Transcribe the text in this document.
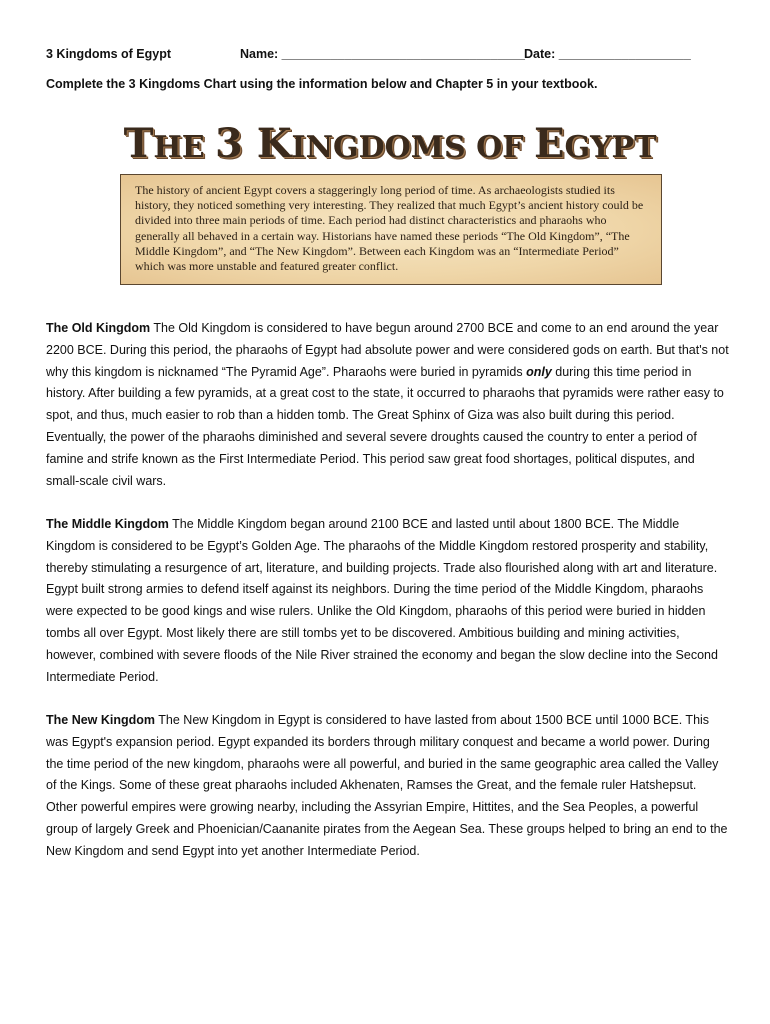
3 Kingdoms of Egypt	Name: ___________________________________ Date: ___________________
Complete the 3 Kingdoms Chart using the information below and Chapter 5 in your textbook.
THE 3 KINGDOMS OF EGYPT
The history of ancient Egypt covers a staggeringly long period of time. As archaeologists studied its history, they noticed something very interesting. They realized that much Egypt’s ancient history could be divided into three main periods of time. Each period had distinct characteristics and pharaohs who generally all behaved in a certain way. Historians have named these periods “The Old Kingdom”, “The Middle Kingdom”, and “The New Kingdom”. Between each Kingdom was an “Intermediate Period” which was more unstable and featured greater conflict.
The Old Kingdom The Old Kingdom is considered to have begun around 2700 BCE and come to an end around the year 2200 BCE. During this period, the pharaohs of Egypt had absolute power and were considered gods on earth. But that's not why this kingdom is nicknamed “The Pyramid Age”. Pharaohs were buried in pyramids only during this time period in history. After building a few pyramids, at a great cost to the state, it occurred to pharaohs that pyramids were rather easy to spot, and thus, much easier to rob than a hidden tomb. The Great Sphinx of Giza was also built during this period. Eventually, the power of the pharaohs diminished and several severe droughts caused the country to enter a period of famine and strife known as the First Intermediate Period. This period saw great food shortages, political disputes, and small-scale civil wars.
The Middle Kingdom The Middle Kingdom began around 2100 BCE and lasted until about 1800 BCE. The Middle Kingdom is considered to be Egypt’s Golden Age. The pharaohs of the Middle Kingdom restored prosperity and stability, thereby stimulating a resurgence of art, literature, and building projects. Trade also flourished along with art and literature. Egypt built strong armies to defend itself against its neighbors. During the time period of the Middle Kingdom, pharaohs were expected to be good kings and wise rulers. Unlike the Old Kingdom, pharaohs of this period were buried in hidden tombs all over Egypt. Most likely there are still tombs yet to be discovered. Ambitious building and mining activities, however, combined with severe floods of the Nile River strained the economy and began the slow decline into the Second Intermediate Period.
The New Kingdom The New Kingdom in Egypt is considered to have lasted from about 1500 BCE until 1000 BCE. This was Egypt's expansion period. Egypt expanded its borders through military conquest and became a world power. During the time period of the new kingdom, pharaohs were all powerful, and buried in the same geographic area called the Valley of the Kings. Some of these great pharaohs included Akhenaten, Ramses the Great, and the female ruler Hatshepsut. Other powerful empires were growing nearby, including the Assyrian Empire, Hittites, and the Sea Peoples, a powerful group of largely Greek and Phoenician/Caananite pirates from the Aegean Sea. These groups helped to bring an end to the New Kingdom and send Egypt into yet another Intermediate Period.
